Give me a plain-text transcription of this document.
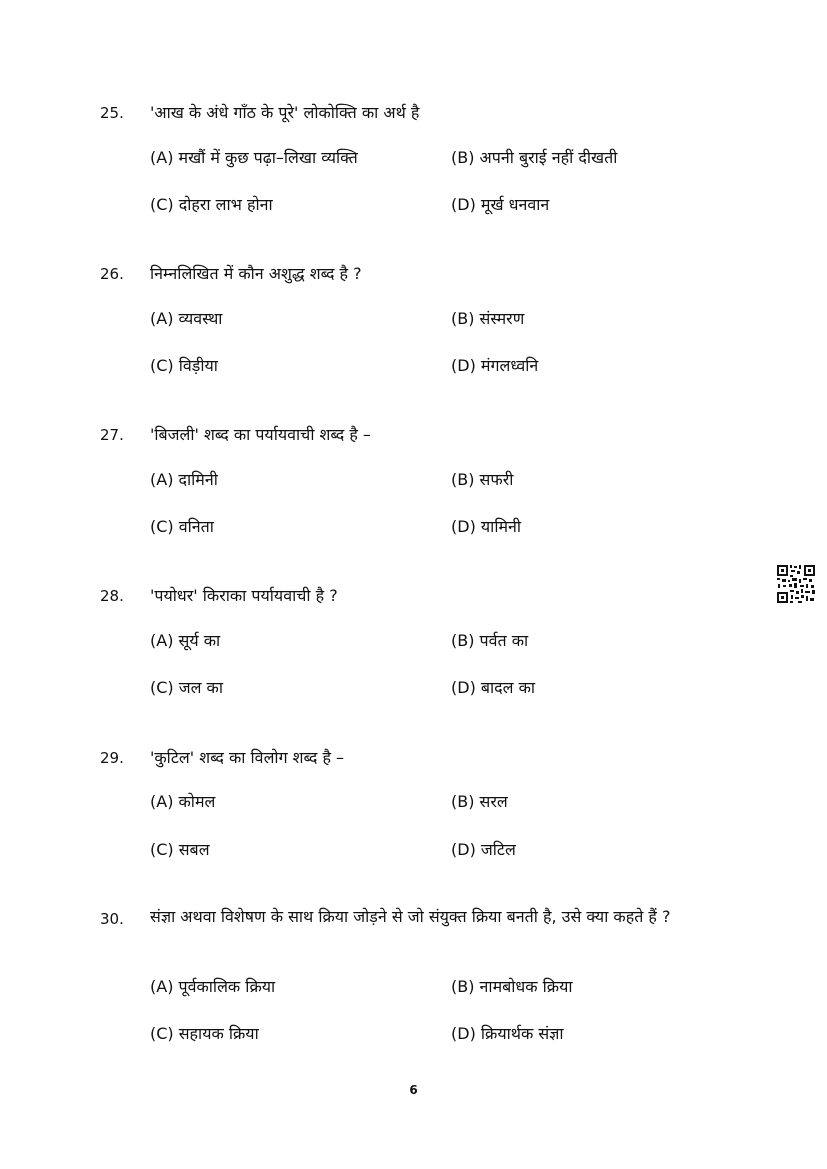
25. 'आख के अंधे गाँठ के पूरे' लोकोक्ति का अर्थ है
(A) मखौं में कुछ पढ़ा–लिखा व्यक्ति	(B) अपनी बुराई नहीं दीखती
(C) दोहरा लाभ होना	(D) मूर्ख धनवान
26. निम्नलिखित में कौन अशुद्ध शब्द है ?
(A) व्यवस्था	(B) संस्मरण
(C) विड़ीया	(D) मंगलध्वनि
27. 'बिजली' शब्द का पर्यायवाची शब्द है –
(A) दामिनी	(B) सफरी
(C) वनिता	(D) यामिनी
28. 'पयोधर' किराका पर्यायवाची है ?
(A) सूर्य का	(B) पर्वत का
(C) जल का	(D) बादल का
29. 'कुटिल' शब्द का विलोग शब्द है –
(A) कोमल	(B) सरल
(C) सबल	(D) जटिल
30. संज्ञा अथवा विशेषण के साथ क्रिया जोड़ने से जो संयुक्त क्रिया बनती है, उसे क्या कहते हैं ?
(A) पूर्वकालिक क्रिया	(B) नामबोधक क्रिया
(C) सहायक क्रिया	(D) क्रियार्थक संज्ञा
6
